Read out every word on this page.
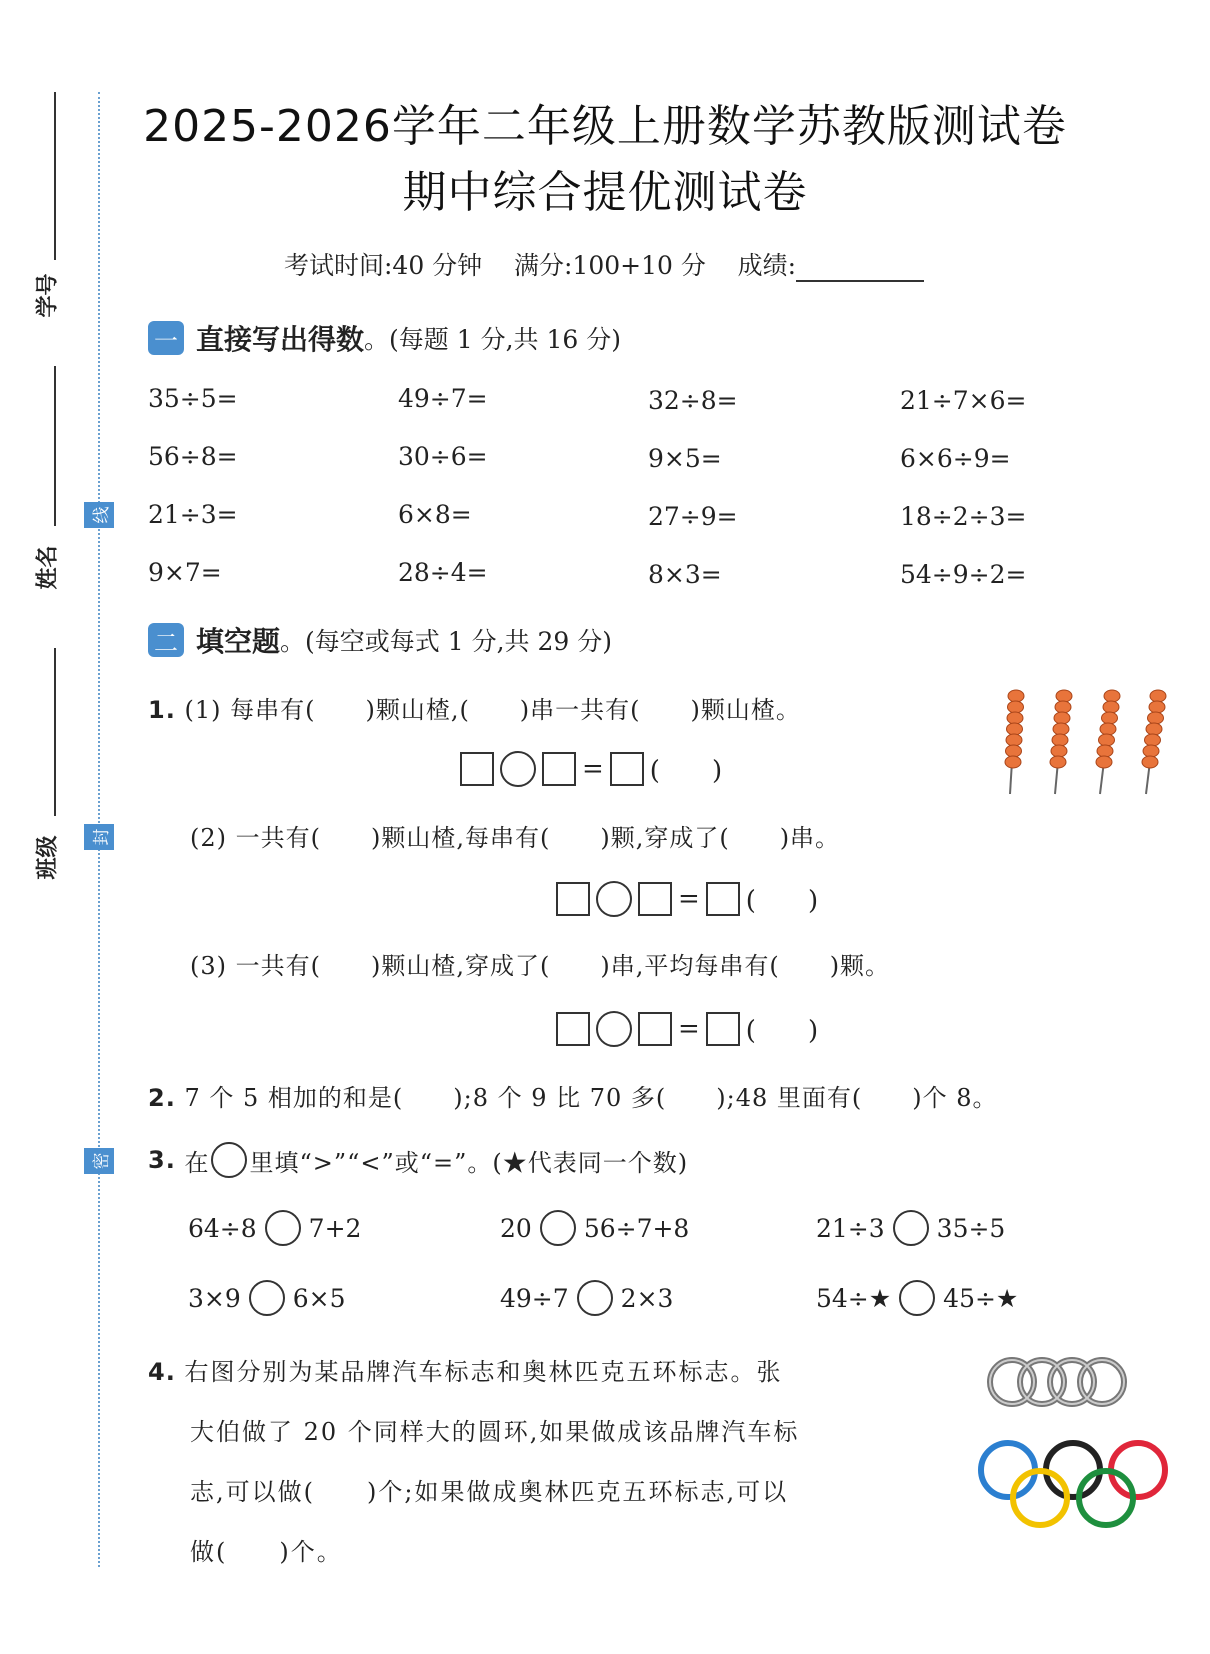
学号
姓名
班级
线
封
密
2025-2026学年二年级上册数学苏教版测试卷
期中综合提优测试卷
考试时间:40 分钟 满分:100+10 分 成绩:
一 直接写出得数 。(每题 1 分,共 16 分)
35÷5=	49÷7=	32÷8=	21÷7×6=
56÷8=	30÷6=	9×5=	6×6÷9=
21÷3=	6×8=	27÷9=	18÷2÷3=
9×7=	28÷4=	8×3=	54÷9÷2=
二 填空题 。(每空或每式 1 分,共 29 分)
1. (1) 每串有(　　)颗山楂,(　　)串一共有(　　)颗山楂。
= (　　)
(2) 一共有(　　)颗山楂,每串有(　　)颗,穿成了(　　)串。
= (　　)
(3) 一共有(　　)颗山楂,穿成了(　　)串,平均每串有(　　)颗。
= (　　)
2. 7 个 5 相加的和是(　　);8 个 9 比 70 多(　　);48 里面有(　　)个 8。
3.
在 里填“>”“<”或“=”。(★代表同一个数)
64÷8 7+2	20 56÷7+8	21÷3 35÷5
3×9 6×5	49÷7 2×3	54÷★ 45÷★
4. 右图分别为某品牌汽车标志和奥林匹克五环标志。张
大伯做了 20 个同样大的圆环,如果做成该品牌汽车标
志,可以做(　　)个;如果做成奥林匹克五环标志,可以
做(　　)个。
